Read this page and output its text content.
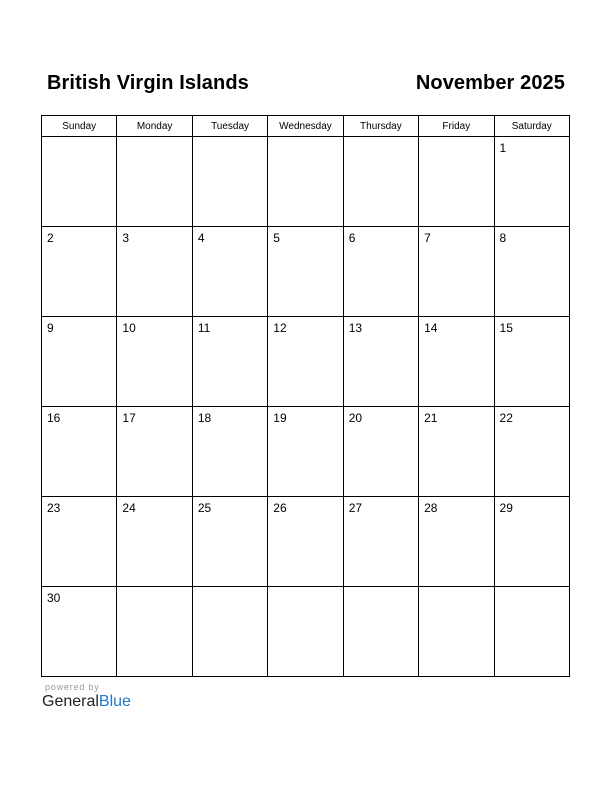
British Virgin Islands	November 2025
Sunday	Monday	Tuesday	Wednesday	Thursday	Friday	Saturday

						1

2	3	4	5	6	7	8

9	10	11	12	13	14	15

16	17	18	19	20	21	22

23	24	25	26	27	28	29

30						

powered by
GeneralBlue
